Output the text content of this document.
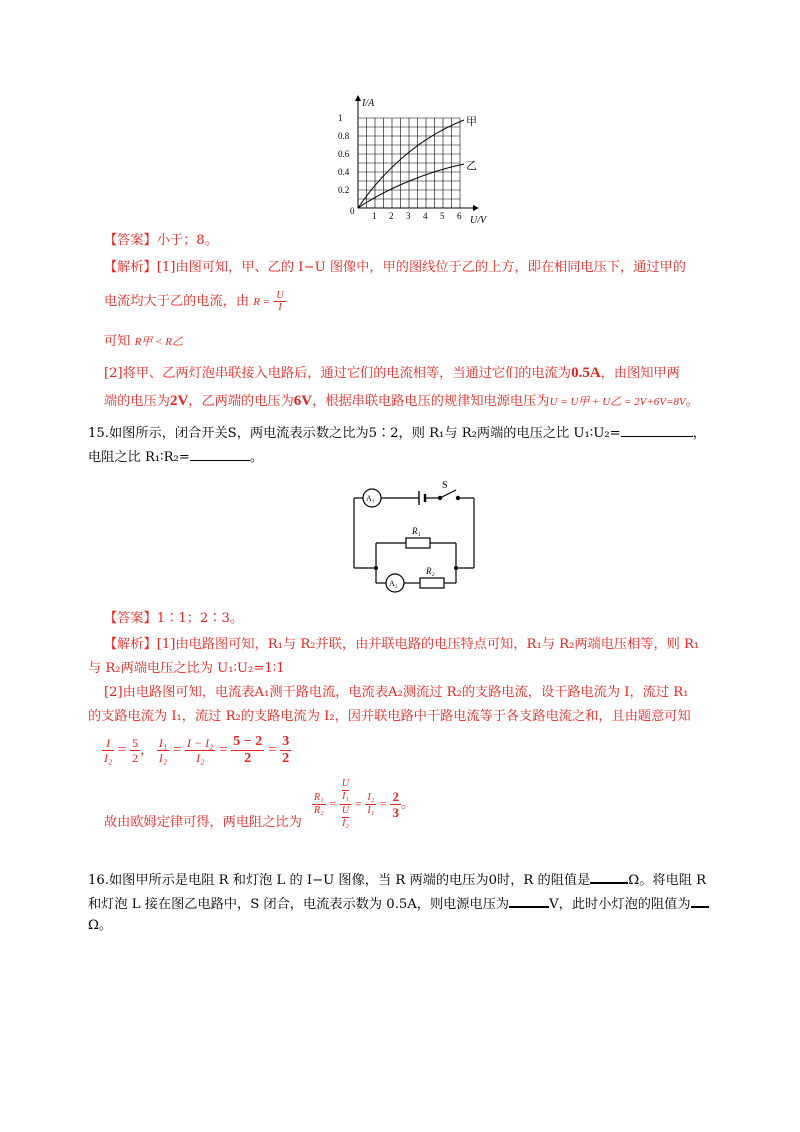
I/A
U/V
0
0.2
0.4
0.6
0.8
1
1 2 3 4 5 6
甲
乙
【答案】小于；8。
【解析】[1]由图可知，甲、乙的 I−U 图像中，甲的图线位于乙的上方，即在相同电压下，通过甲的
电流均大于乙的电流，由 $R = \frac{U}{I}$
可知 R甲 < R乙
[2]将甲、乙两灯泡串联接入电路后，通过它们的电流相等，当通过它们的电流为0.5A，由图知甲两
端的电压为2V，乙两端的电压为6V，根据串联电路电压的规律知电源电压为U = U甲 + U乙 = 2V+6V=8V。
15.如图所示，闭合开关S，两电流表示数之比为5∶2，则 R₁与 R₂两端的电压之比 U₁∶U₂=	，
电阻之比 R₁∶R₂=	。
S
A₁
A₂
R₁
R₂
【答案】1∶1；2∶3。
【解析】[1]由电路图可知，R₁与 R₂并联，由并联电路的电压特点可知，R₁与 R₂两端电压相等，则 R₁
与 R₂两端电压之比为 U₁∶U₂=1∶1
[2]由电路图可知，电流表A₁测干路电流，电流表A₂测流过 R₂的支路电流，设干路电流为 I，流过 R₁
的支路电流为 I₁，流过 R₂的支路电流为 I₂，因并联电路中干路电流等于各支路电流之和，且由题意可知
$\frac{I}{\text{I₂}} = \frac{5}{2}$ ， $\frac{\text{I₁}}{\text{I₂}} = \frac{\text{I − I₂}}{\text{I₂}} = \frac{5 - 2}{2} = \frac{3}{2}$
故由欧姆定律可得，两电阻之比为
$\frac{\text{R₁}}{\text{R₂}} = U$
I₁
U
$I_2 = \frac{\text{I₂}}{\text{I₁}} = \frac{2}{3}$ 。
16.如图甲所示是电阻 R 和灯泡 L 的 I−U 图像，当 R 两端的电压为0时，R 的阻值是	Ω。将电阻 R
和灯泡 L 接在图乙电路中，S 闭合，电流表示数为 0.5A，则电源电压为	V，此时小灯泡的阻值为
Ω。
